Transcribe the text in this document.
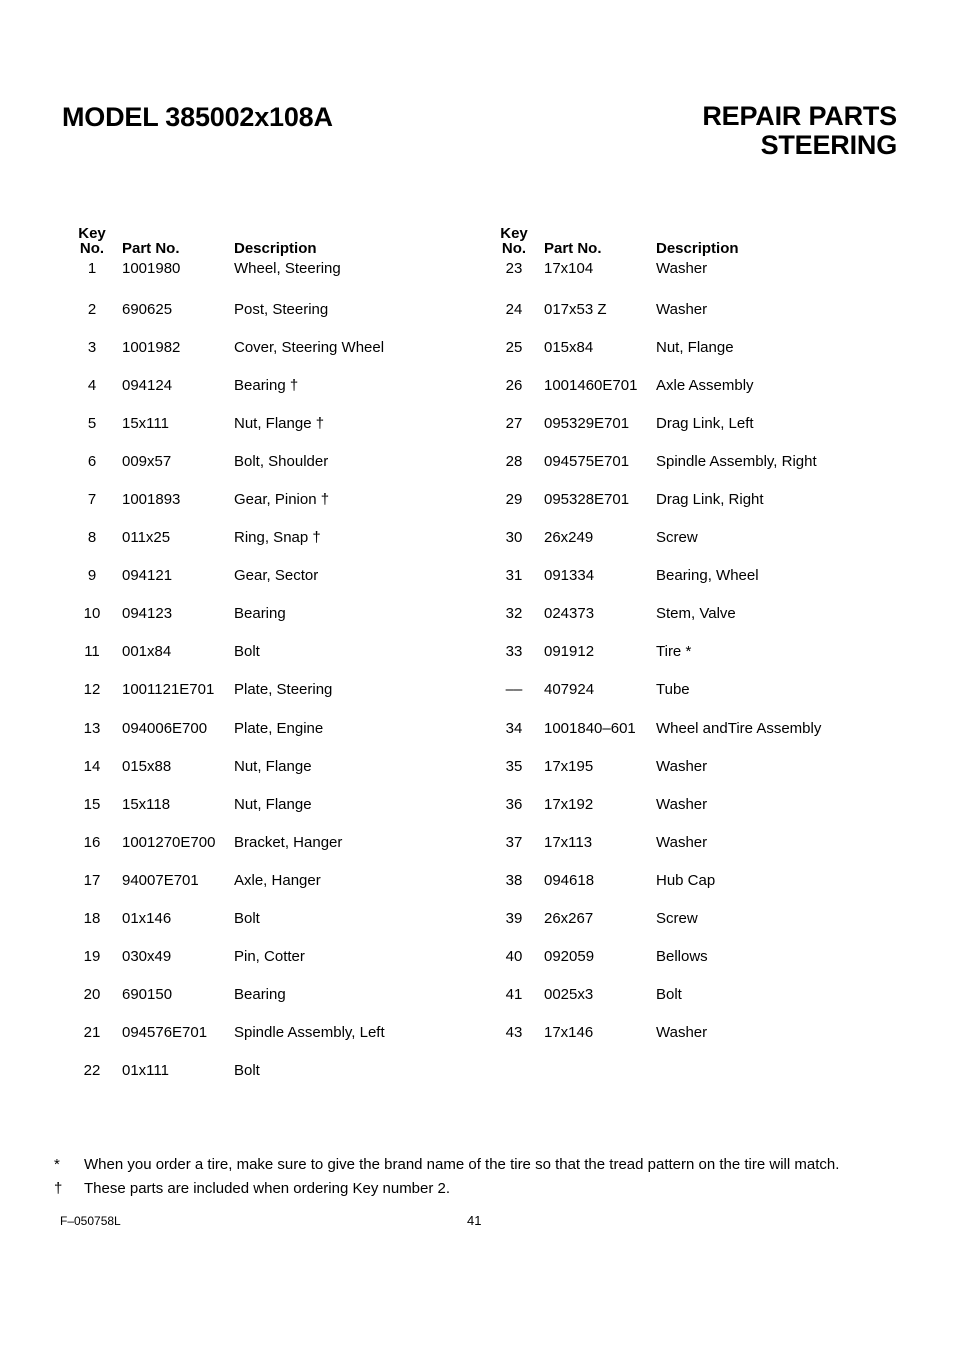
MODEL 385002x108A	REPAIR PARTS
STEERING
Key
No.	Part No.	Description
1	1001980	Wheel, Steering
2	690625	Post, Steering
3	1001982	Cover, Steering Wheel
4	094124	Bearing †
5	15x111	Nut, Flange †
6	009x57	Bolt, Shoulder
7	1001893	Gear, Pinion †
8	011x25	Ring, Snap †
9	094121	Gear, Sector
10	094123	Bearing
11	001x84	Bolt
12	1001121E701	Plate, Steering
13	094006E700	Plate, Engine
14	015x88	Nut, Flange
15	15x118	Nut, Flange
16	1001270E700	Bracket, Hanger
17	94007E701	Axle, Hanger
18	01x146	Bolt
19	030x49	Pin, Cotter
20	690150	Bearing
21	094576E701	Spindle Assembly, Left
22	01x111	Bolt
Key
No.	Part No.	Description
23	17x104	Washer
24	017x53 Z	Washer
25	015x84	Nut, Flange
26	1001460E701	Axle Assembly
27	095329E701	Drag Link, Left
28	094575E701	Spindle Assembly, Right
29	095328E701	Drag Link, Right
30	26x249	Screw
31	091334	Bearing, Wheel
32	024373	Stem, Valve
33	091912	Tire *
‒‒	407924	Tube
34	1001840‒601	Wheel andTire Assembly
35	17x195	Washer
36	17x192	Washer
37	17x113	Washer
38	094618	Hub Cap
39	26x267	Screw
40	092059	Bellows
41	0025x3	Bolt
43	17x146	Washer
*	When you order a tire, make sure to give the brand name of the tire so that the tread pattern on the tire will match.
†	These parts are included when ordering Key number 2.
F‒050758L	41
